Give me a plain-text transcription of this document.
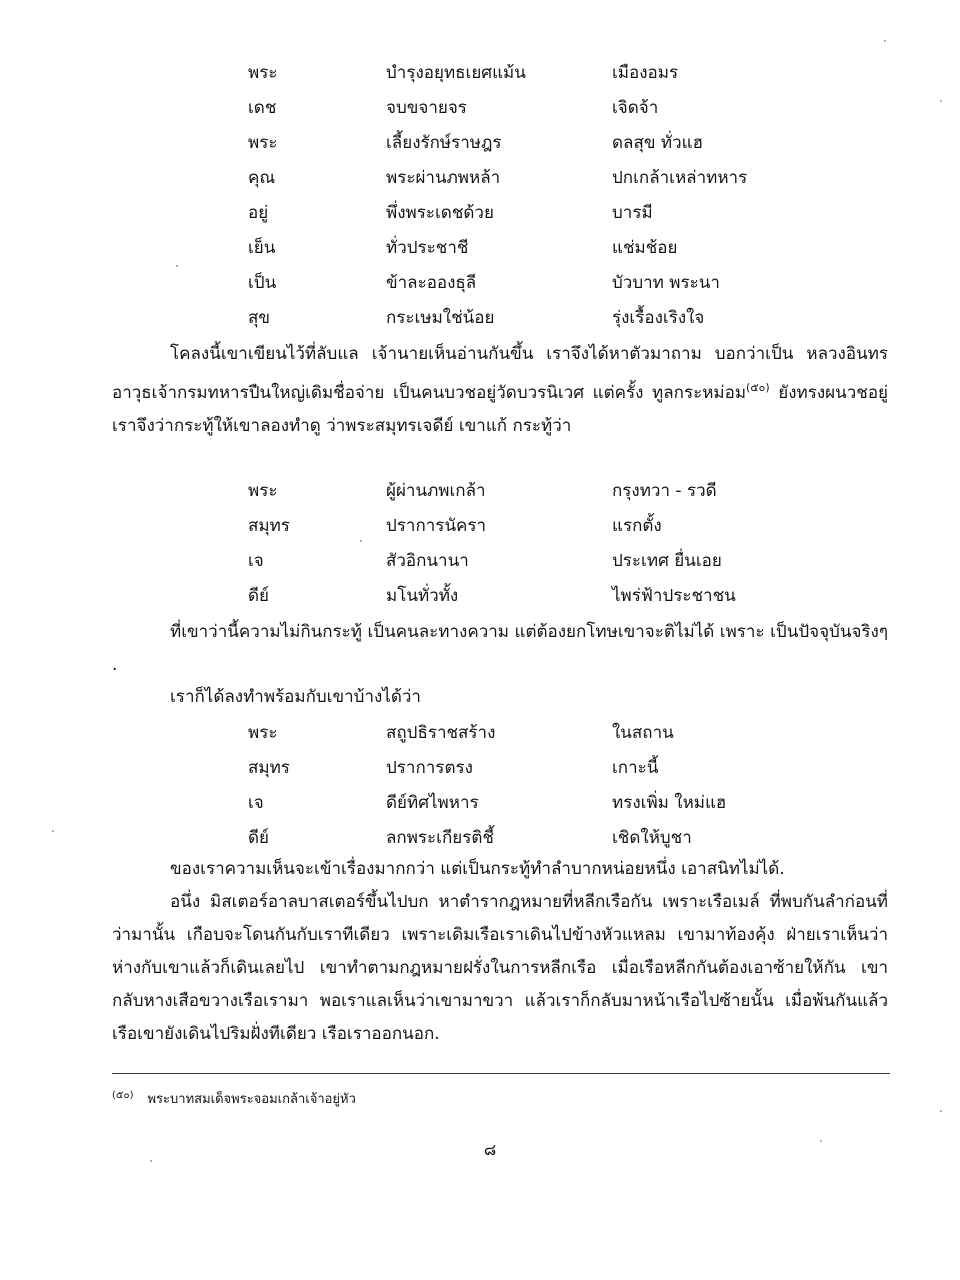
พระ	บำรุงอยุทธเยศแม้น	เมืองอมร
เดช	จบขจายจร	เจิดจ้า
พระ	เลี้ยงรักษ์ราษฎร	ดลสุข ทั่วแฮ
คุณ	พระผ่านภพหล้า	ปกเกล้าเหล่าทหาร
อยู่	พึ่งพระเดชด้วย	บารมี
เย็น	ทั่วประชาชี	แช่มช้อย
เป็น	ข้าละอองธุลี	บัวบาท พระนา
สุข	กระเษมใช่น้อย	รุ่งเรื้องเริงใจ
โคลงนี้เขาเขียนไว้ที่ลับแล เจ้านายเห็นอ่านกันขึ้น เราจึงได้หาตัวมาถาม บอกว่าเป็น หลวงอินทรอาวุธเจ้ากรมทหารปืนใหญ่เดิมชื่อจ่าย เป็นคนบวชอยู่วัดบวรนิเวศ แต่ครั้ง ทูลกระหม่อม$^{(๕๐)}$ ยังทรงผนวชอยู่ เราจึงว่ากระทู้ให้เขาลองทำดู ว่าพระสมุทรเจดีย์ เขาแก้ กระทู้ว่า
พระ	ผู้ผ่านภพเกล้า	กรุงทวา - รวดี
สมุทร	ปราการนัครา	แรกตั้ง
เจ	สัวอิกนานา	ประเทศ ยื่นเอย
ดีย์	มโนทั่วทั้ง	ไพร่ฟ้าประชาชน
ที่เขาว่านี้ความไม่กินกระทู้ เป็นคนละทางความ แต่ต้องยกโทษเขาจะติไม่ได้ เพราะ เป็นปัจจุบันจริงๆ .
เราก็ได้ลงทำพร้อมกับเขาบ้างได้ว่า
พระ	สถูปธิราชสร้าง	ในสถาน
สมุทร	ปราการตรง	เกาะนี้
เจ	ดีย์ทิศไพหาร	ทรงเพิ่ม ใหม่แฮ
ดีย์	ลกพระเกียรติชี้	เชิดให้บูชา
ของเราความเห็นจะเข้าเรื่องมากกว่า แต่เป็นกระทู้ทำลำบากหน่อยหนึ่ง เอาสนิทไม่ได้.
อนึ่ง มิสเตอร์อาลบาสเตอร์ขึ้นไปบก หาตำรากฎหมายที่หลีกเรือกัน เพราะเรือเมล์ ที่พบกันลำก่อนที่ว่ามานั้น เกือบจะโดนกันกับเราทีเดียว เพราะเดิมเรือเราเดินไปข้างหัวแหลม เขามาท้องคุ้ง ฝ่ายเราเห็นว่าห่างกับเขาแล้วก็เดินเลยไป เขาทำตามกฎหมายฝรั่งในการหลีกเรือ เมื่อเรือหลีกกันต้องเอาซ้ายให้กัน เขากลับหางเสือขวางเรือเรามา พอเราแลเห็นว่าเขามาขวา แล้วเราก็กลับมาหน้าเรือไปซ้ายนั้น เมื่อพ้นกันแล้วเรือเขายังเดินไปริมฝั่งทีเดียว เรือเราออกนอก.
$^{(๕๐)}$ พระบาทสมเด็จพระจอมเกล้าเจ้าอยู่หัว
๘
